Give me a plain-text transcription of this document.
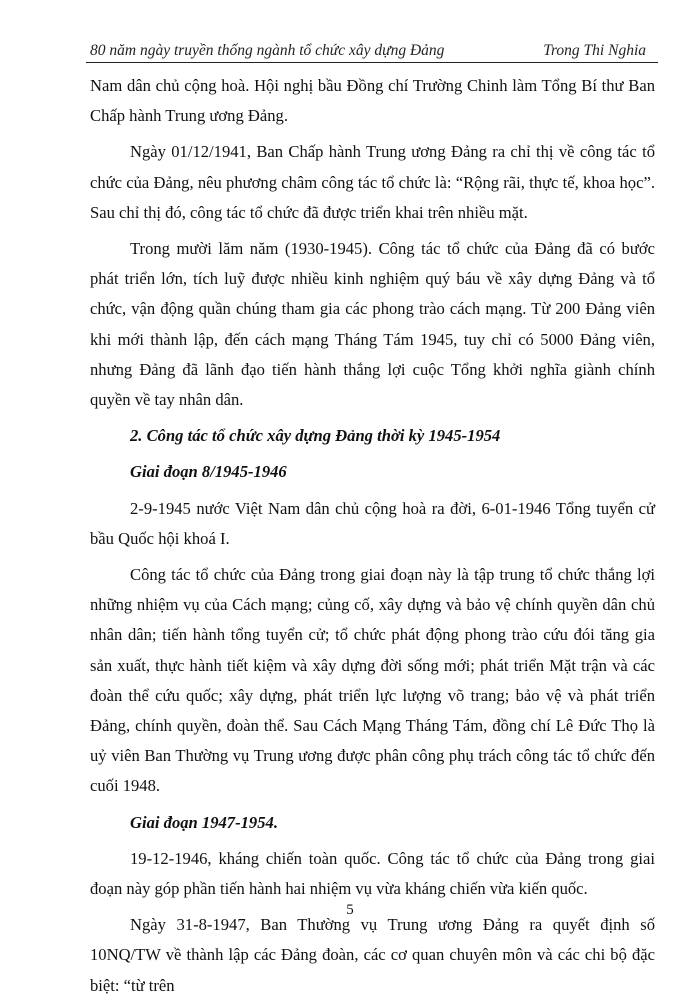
80 năm ngày truyền thống ngành tổ chức xây dựng Đảng	Trong Thi Nghia

Nam dân chủ cộng hoà. Hội nghị bầu Đồng chí Trường Chinh làm Tổng Bí thư Ban Chấp hành Trung ương Đảng.

Ngày 01/12/1941, Ban Chấp hành Trung ương Đảng ra chỉ thị về công tác tổ chức của Đảng, nêu phương châm công tác tổ chức là: “Rộng rãi, thực tế, khoa học”. Sau chỉ thị đó, công tác tổ chức đã được triển khai trên nhiều mặt.

Trong mười lăm năm (1930-1945). Công tác tổ chức của Đảng đã có bước phát triển lớn, tích luỹ được nhiều kinh nghiệm quý báu về xây dựng Đảng và tổ chức, vận động quần chúng tham gia các phong trào cách mạng. Từ 200 Đảng viên khi mới thành lập, đến cách mạng Tháng Tám 1945, tuy chỉ có 5000 Đảng viên, nhưng Đảng đã lãnh đạo tiến hành thắng lợi cuộc Tổng khởi nghĩa giành chính quyền về tay nhân dân.

2. Công tác tổ chức xây dựng Đảng thời kỳ 1945-1954

Giai đoạn 8/1945-1946

2-9-1945 nước Việt Nam dân chủ cộng hoà ra đời, 6-01-1946 Tổng tuyển cử bầu Quốc hội khoá I.

Công tác tổ chức của Đảng trong giai đoạn này là tập trung tổ chức thắng lợi những nhiệm vụ của Cách mạng; củng cố, xây dựng và bảo vệ chính quyền dân chủ nhân dân; tiến hành tổng tuyển cử; tổ chức phát động phong trào cứu đói tăng gia sản xuất, thực hành tiết kiệm và xây dựng đời sống mới; phát triển Mặt trận và các đoàn thể cứu quốc; xây dựng, phát triển lực lượng võ trang; bảo vệ và phát triển Đảng, chính quyền, đoàn thể. Sau Cách Mạng Tháng Tám, đồng chí Lê Đức Thọ là uỷ viên Ban Thường vụ Trung ương được phân công phụ trách công tác tổ chức đến cuối 1948.

Giai đoạn 1947-1954.

19-12-1946, kháng chiến toàn quốc. Công tác tổ chức của Đảng trong giai đoạn này góp phần tiến hành hai nhiệm vụ vừa kháng chiến vừa kiến quốc.

Ngày 31-8-1947, Ban Thường vụ Trung ương Đảng ra quyết định số 10NQ/TW về thành lập các Đảng đoàn, các cơ quan chuyên môn và các chi bộ đặc biệt: “từ trên

5
